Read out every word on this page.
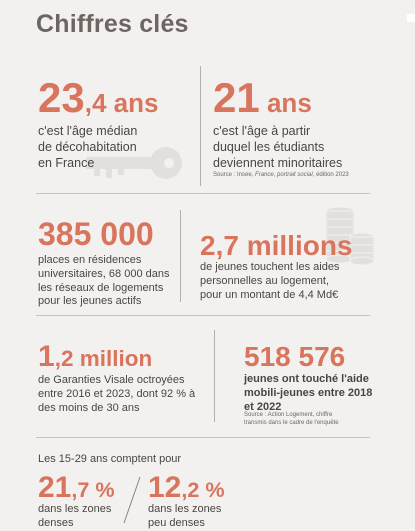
Chiffres clés
23,4 ans
c'est l'âge médian
de décohabitation
en France
21 ans
c'est l'âge à partir
duquel les étudiants
deviennent minoritaires
Source : Insee, France, portrait social, édition 2023
385 000
places en résidences
universitaires, 68 000 dans
les réseaux de logements
pour les jeunes actifs
2,7 millions
de jeunes touchent les aides
personnelles au logement,
pour un montant de 4,4 Md€
1,2 million
de Garanties Visale octroyées
entre 2016 et 2023, dont 92 % à
des moins de 30 ans
518 576
jeunes ont touché l'aide
mobili-jeunes entre 2018
et 2022
Source : Action Logement, chiffre
transmis dans le cadre de l'enquête
Les 15-29 ans comptent pour
21,7 %
dans les zones
denses
12,2 %
dans les zones
peu denses
